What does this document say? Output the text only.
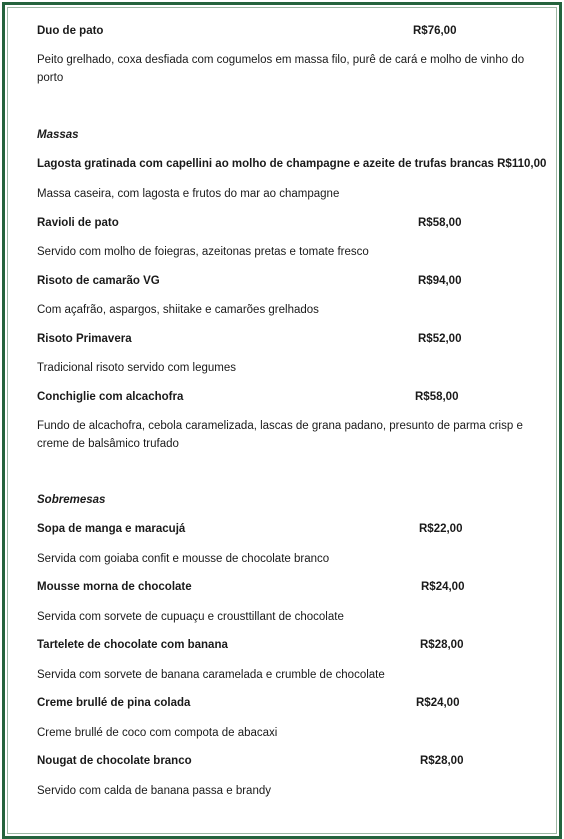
Duo de pato	R$76,00
Peito grelhado, coxa desfiada com cogumelos em massa filo, purê de cará e molho de vinho do porto
Massas
Lagosta gratinada com capellini ao molho de champagne e azeite de trufas brancas R$110,00
Massa caseira, com lagosta e frutos do mar ao champagne
Ravioli de pato	R$58,00
Servido com molho de foiegras, azeitonas pretas e tomate fresco
Risoto de camarão VG	R$94,00
Com açafrão, aspargos, shiitake e camarões grelhados
Risoto Primavera	R$52,00
Tradicional risoto servido com legumes
Conchiglie com alcachofra	R$58,00
Fundo de alcachofra, cebola caramelizada, lascas de grana padano, presunto de parma crisp e creme de balsâmico trufado
Sobremesas
Sopa de manga e maracujá	R$22,00
Servida com goiaba confit e mousse de chocolate branco
Mousse morna de chocolate	R$24,00
Servida com sorvete de cupuaçu e crousttillant de chocolate
Tartelete de chocolate com banana	R$28,00
Servida com sorvete de banana caramelada e crumble de chocolate
Creme brullé de pina colada	R$24,00
Creme brullé de coco com compota de abacaxi
Nougat de chocolate branco	R$28,00
Servido com calda de banana passa e brandy
